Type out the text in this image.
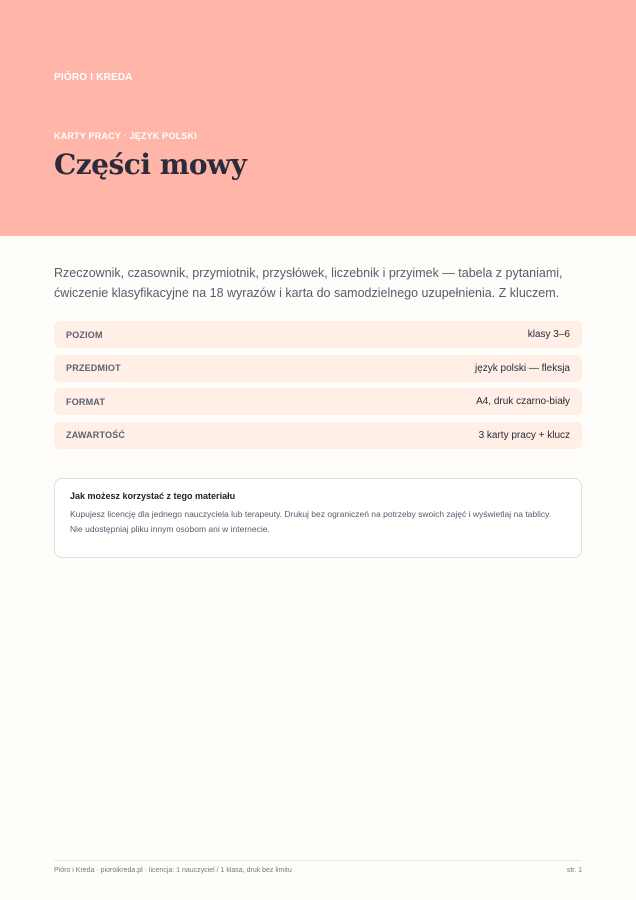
PIÓRO I KREDA
KARTY PRACY · JĘZYK POLSKI
Części mowy

Rzeczownik, czasownik, przymiotnik, przysłówek, liczebnik i przyimek — tabela z pytaniami, ćwiczenie klasyfikacyjne na 18 wyrazów i karta do samodzielnego uzupełnienia. Z kluczem.

POZIOM	klasy 3–6
PRZEDMIOT	język polski — fleksja
FORMAT	A4, druk czarno-biały
ZAWARTOŚĆ	3 karty pracy + klucz

Jak możesz korzystać z tego materiału

Kupujesz licencję dla jednego nauczyciela lub terapeuty. Drukuj bez ograniczeń na potrzeby swoich zajęć i wyświetlaj na tablicy. Nie udostępniaj pliku innym osobom ani w internecie.

Pióro i Kreda · pioroikreda.pl · licencja: 1 nauczyciel / 1 klasa, druk bez limitu	str. 1
